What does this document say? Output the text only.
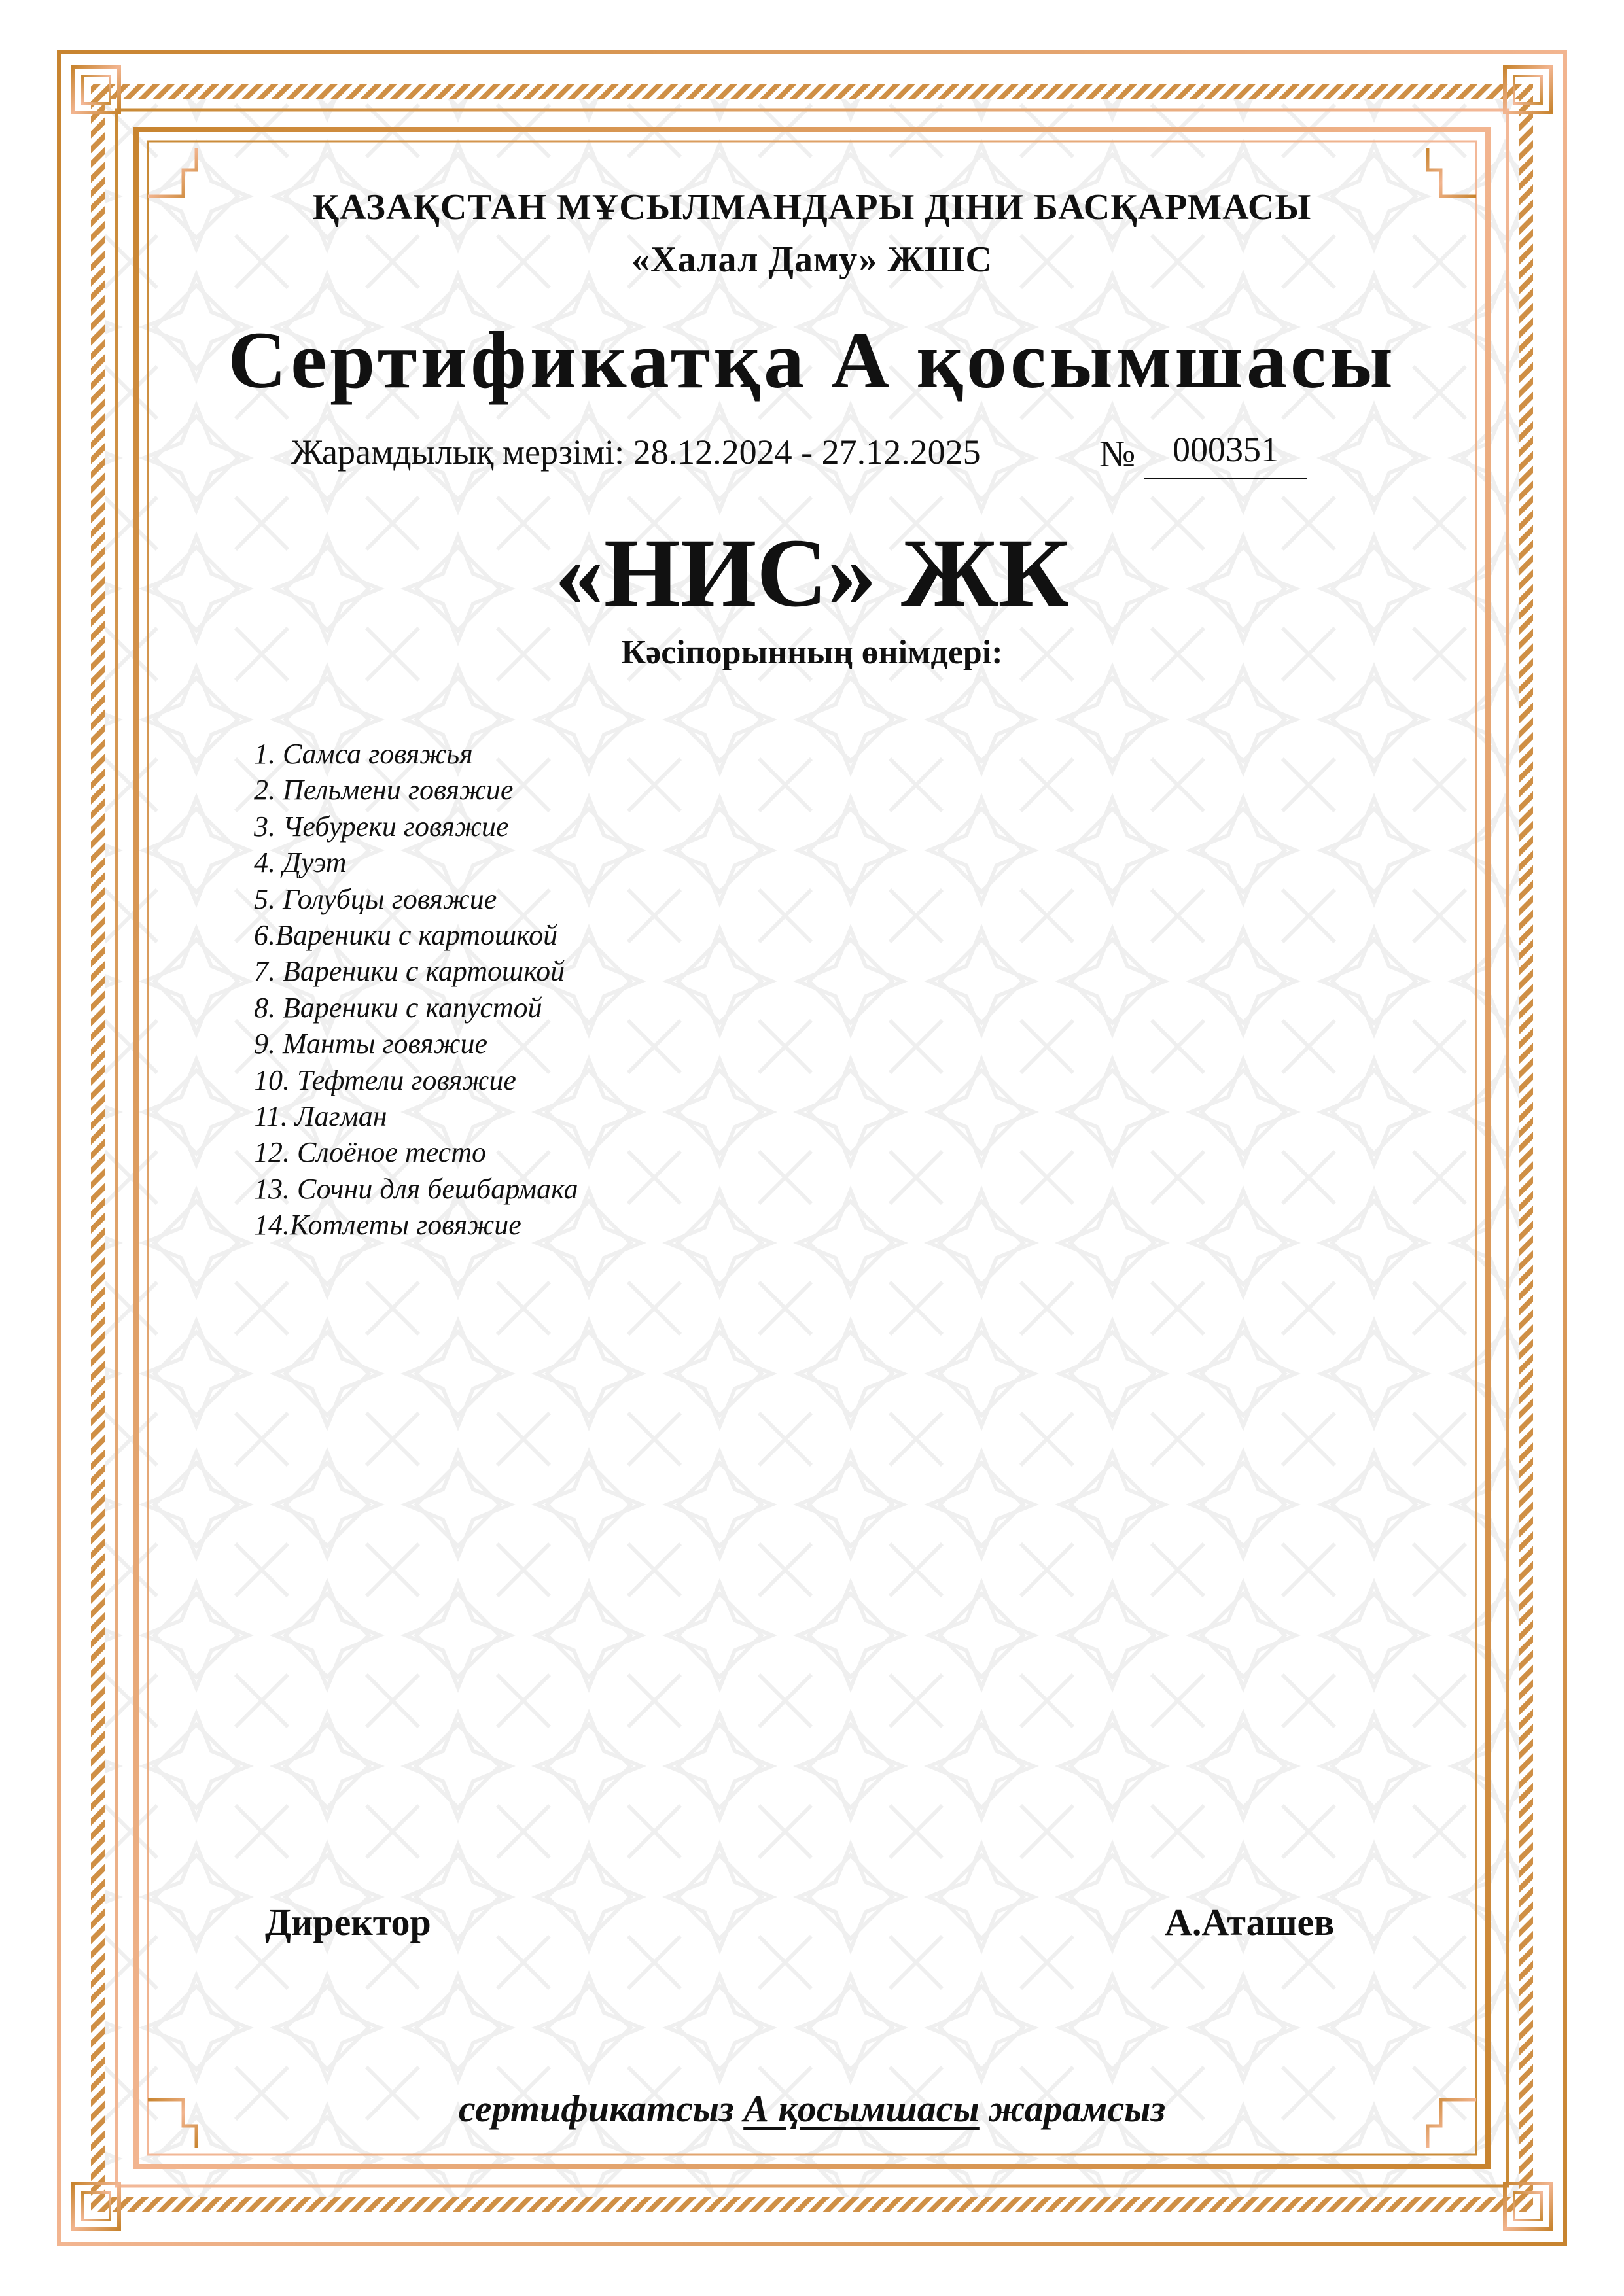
ҚАЗАҚСТАН МҰСЫЛМАНДАРЫ ДІНИ БАСҚАРМАСЫ
«Халал Даму» ЖШС
Сертификатқа А қосымшасы
Жарамдылық мерзімі: 28.12.2024 - 27.12.2025	№	000351
«НИС» ЖК
Кәсіпорынның өнімдері:
1. Самса говяжья
2. Пельмени говяжие
3. Чебуреки говяжие
4. Дуэт
5. Голубцы говяжие
6.Вареники с картошкой
7. Вареники с картошкой
8. Вареники с капустой
9. Манты говяжие
10. Тефтели говяжие
11. Лагман
12. Слоёное тесто
13. Сочни для бешбармака
14.Котлеты говяжие
Директор	А.Аташев
сертификатсыз А қосымшасы жарамсыз
